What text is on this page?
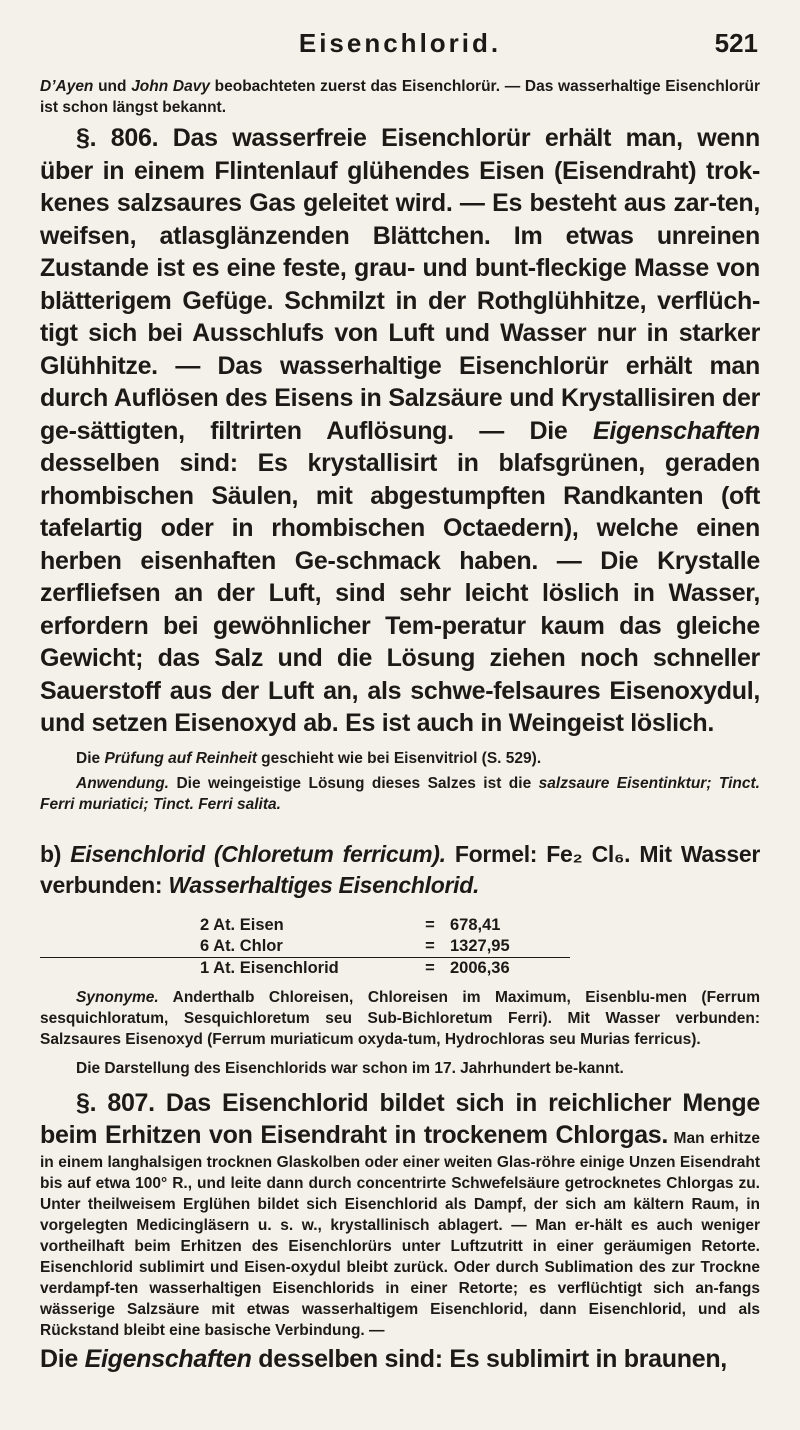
Eisenchlorid.	521

D’Ayen und John Davy beobachteten zuerst das Eisenchlorür. — Das wasserhaltige Eisenchlorür ist schon längst bekannt.

§. 806. Das wasserfreie Eisenchlorür erhält man, wenn über in einem Flintenlauf glühendes Eisen (Eisendraht) trok-kenes salzsaures Gas geleitet wird. — Es besteht aus zar-ten, weifsen, atlasglänzenden Blättchen. Im etwas unreinen Zustande ist es eine feste, grau- und bunt-fleckige Masse von blätterigem Gefüge. Schmilzt in der Rothglühhitze, verflüch-tigt sich bei Ausschlufs von Luft und Wasser nur in starker Glühhitze. — Das wasserhaltige Eisenchlorür erhält man durch Auflösen des Eisens in Salzsäure und Krystallisiren der ge-sättigten, filtrirten Auflösung. — Die Eigenschaften desselben sind: Es krystallisirt in blafsgrünen, geraden rhombischen Säulen, mit abgestumpften Randkanten (oft tafelartig oder in rhombischen Octaedern), welche einen herben eisenhaften Ge-schmack haben. — Die Krystalle zerfliefsen an der Luft, sind sehr leicht löslich in Wasser, erfordern bei gewöhnlicher Tem-peratur kaum das gleiche Gewicht; das Salz und die Lösung ziehen noch schneller Sauerstoff aus der Luft an, als schwe-felsaures Eisenoxydul, und setzen Eisenoxyd ab. Es ist auch in Weingeist löslich.

Die Prüfung auf Reinheit geschieht wie bei Eisenvitriol (S. 529).

Anwendung. Die weingeistige Lösung dieses Salzes ist die salzsaure Eisentinktur; Tinct. Ferri muriatici; Tinct. Ferri salita.

b) Eisenchlorid (Chloretum ferricum). Formel: Fe₂ Cl₆. Mit Wasser verbunden: Wasserhaltiges Eisenchlorid.

2 At. Eisen	=	678,41
6 At. Chlor	=	1327,95
1 At. Eisenchlorid	=	2006,36

Synonyme. Anderthalb Chloreisen, Chloreisen im Maximum, Eisenblu-men (Ferrum sesquichloratum, Sesquichloretum seu Sub-Bichloretum Ferri). Mit Wasser verbunden: Salzsaures Eisenoxyd (Ferrum muriaticum oxyda-tum, Hydrochloras seu Murias ferricus).

Die Darstellung des Eisenchlorids war schon im 17. Jahrhundert be-kannt.

§. 807. Das Eisenchlorid bildet sich in reichlicher Menge beim Erhitzen von Eisendraht in trockenem Chlorgas. Man erhitze in einem langhalsigen trocknen Glaskolben oder einer weiten Glas-röhre einige Unzen Eisendraht bis auf etwa 100° R., und leite dann durch concentrirte Schwefelsäure getrocknetes Chlorgas zu. Unter theilweisem Erglühen bildet sich Eisenchlorid als Dampf, der sich am kältern Raum, in vorgelegten Medicingläsern u. s. w., krystallinisch ablagert. — Man er-hält es auch weniger vortheilhaft beim Erhitzen des Eisenchlorürs unter Luftzutritt in einer geräumigen Retorte. Eisenchlorid sublimirt und Eisen-oxydul bleibt zurück. Oder durch Sublimation des zur Trockne verdampf-ten wasserhaltigen Eisenchlorids in einer Retorte; es verflüchtigt sich an-fangs wässerige Salzsäure mit etwas wasserhaltigem Eisenchlorid, dann Eisenchlorid, und als Rückstand bleibt eine basische Verbindung. —

Die Eigenschaften desselben sind: Es sublimirt in braunen,
